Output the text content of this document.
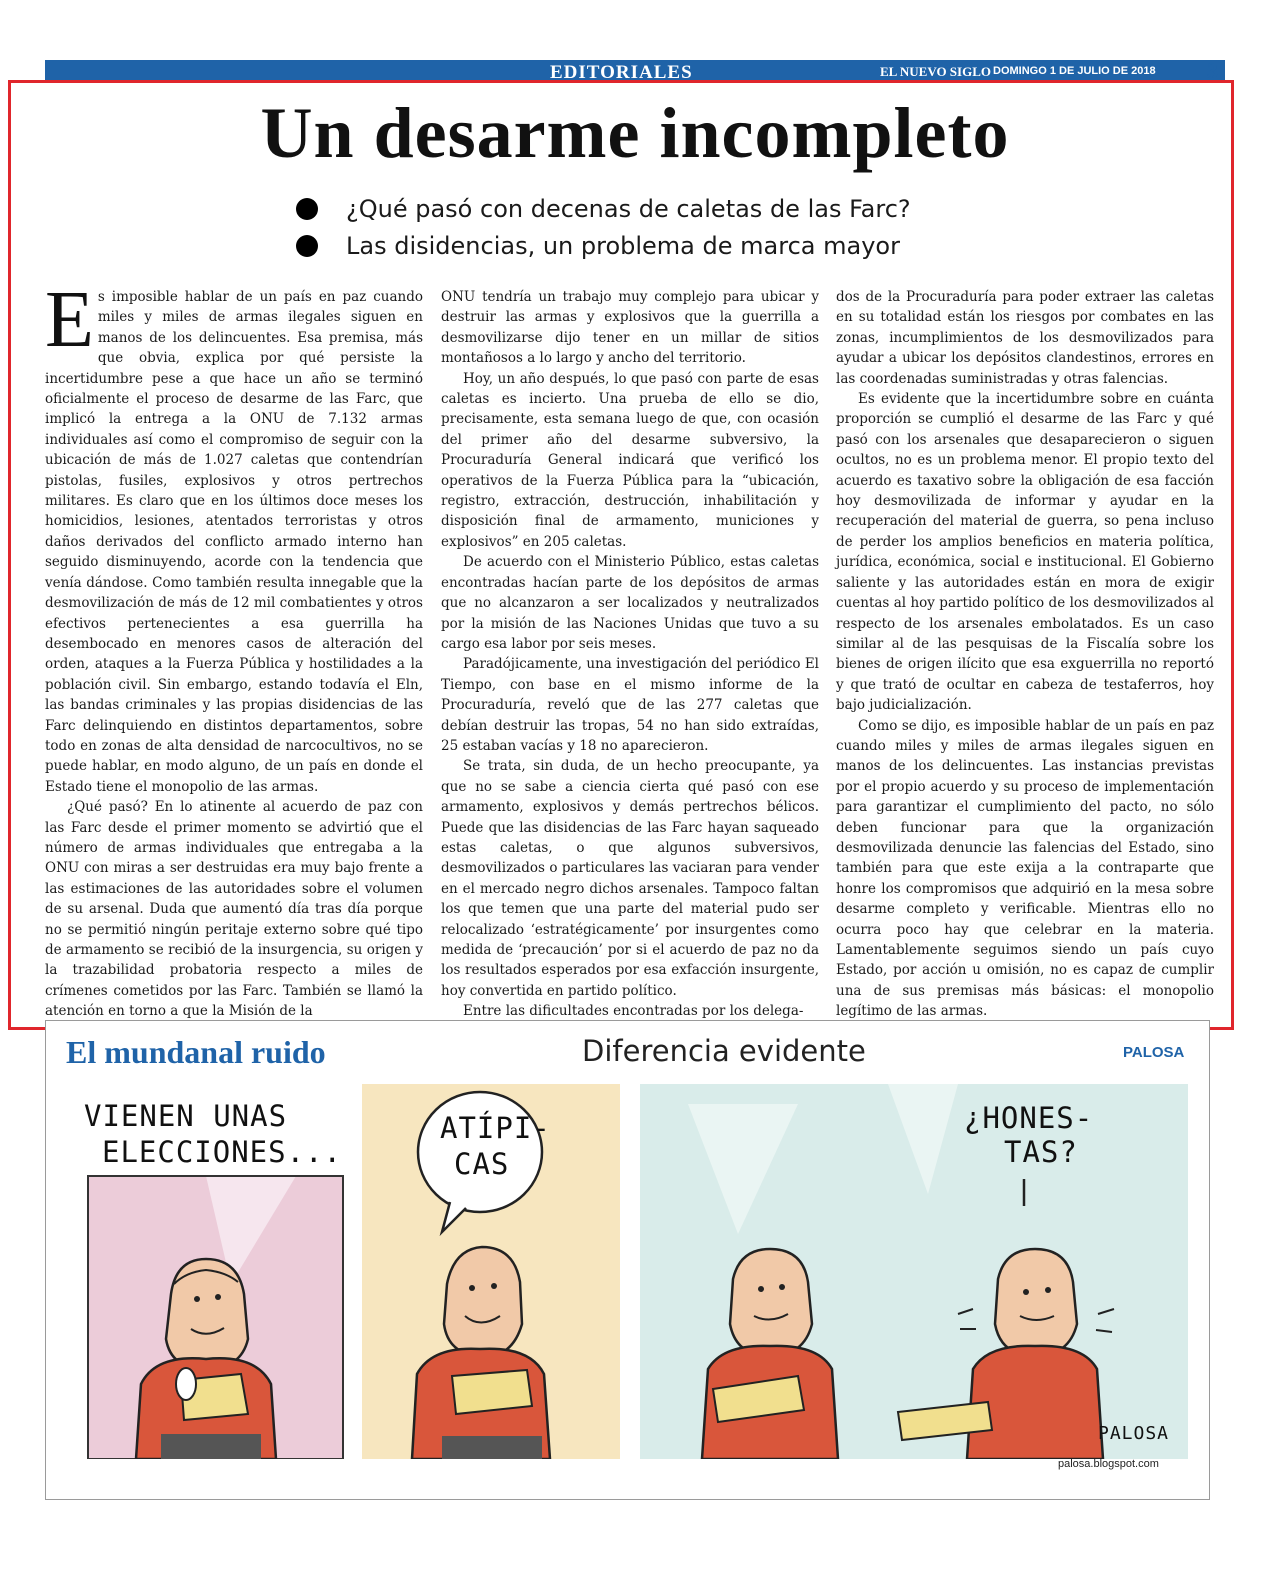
EDITORIALES	EL NUEVO SIGLO DOMINGO 1 DE JULIO DE 2018 3
Un desarme incompleto
¿Qué pasó con decenas de caletas de las Farc?
Las disidencias, un problema de marca mayor

Es imposible hablar de un país en paz cuando miles y miles de armas ilegales siguen en manos de los delincuentes. Esa premisa, más que obvia, explica por qué persiste la incertidumbre pese a que hace un año se terminó oficialmente el proceso de desarme de las Farc, que implicó la entrega a la ONU de 7.132 armas individuales así como el compromiso de seguir con la ubicación de más de 1.027 caletas que contendrían pistolas, fusiles, explosivos y otros pertrechos militares. Es claro que en los últimos doce meses los homicidios, lesiones, atentados terroristas y otros daños derivados del conflicto armado interno han seguido disminuyendo, acorde con la tendencia que venía dándose. Como también resulta innegable que la desmovilización de más de 12 mil combatientes y otros efectivos pertenecientes a esa guerrilla ha desembocado en menores casos de alteración del orden, ataques a la Fuerza Pública y hostilidades a la población civil. Sin embargo, estando todavía el Eln, las bandas criminales y las propias disidencias de las Farc delinquiendo en distintos departamentos, sobre todo en zonas de alta densidad de narcocultivos, no se puede hablar, en modo alguno, de un país en donde el Estado tiene el monopolio de las armas.

¿Qué pasó? En lo atinente al acuerdo de paz con las Farc desde el primer momento se advirtió que el número de armas individuales que entregaba a la ONU con miras a ser destruidas era muy bajo frente a las estimaciones de las autoridades sobre el volumen de su arsenal. Duda que aumentó día tras día porque no se permitió ningún peritaje externo sobre qué tipo de armamento se recibió de la insurgencia, su origen y la trazabilidad probatoria respecto a miles de crímenes cometidos por las Farc. También se llamó la atención en torno a que la Misión de la

ONU tendría un trabajo muy complejo para ubicar y destruir las armas y explosivos que la guerrilla a desmovilizarse dijo tener en un millar de sitios montañosos a lo largo y ancho del territorio.

Hoy, un año después, lo que pasó con parte de esas caletas es incierto. Una prueba de ello se dio, precisamente, esta semana luego de que, con ocasión del primer año del desarme subversivo, la Procuraduría General indicará que verificó los operativos de la Fuerza Pública para la “ubicación, registro, extracción, destrucción, inhabilitación y disposición final de armamento, municiones y explosivos” en 205 caletas.

De acuerdo con el Ministerio Público, estas caletas encontradas hacían parte de los depósitos de armas que no alcanzaron a ser localizados y neutralizados por la misión de las Naciones Unidas que tuvo a su cargo esa labor por seis meses.

Paradójicamente, una investigación del periódico El Tiempo, con base en el mismo informe de la Procuraduría, reveló que de las 277 caletas que debían destruir las tropas, 54 no han sido extraídas, 25 estaban vacías y 18 no aparecieron.

Se trata, sin duda, de un hecho preocupante, ya que no se sabe a ciencia cierta qué pasó con ese armamento, explosivos y demás pertrechos bélicos. Puede que las disidencias de las Farc hayan saqueado estas caletas, o que algunos subversivos, desmovilizados o particulares las vaciaran para vender en el mercado negro dichos arsenales. Tampoco faltan los que temen que una parte del material pudo ser relocalizado ‘estratégicamente’ por insurgentes como medida de ‘precaución’ por si el acuerdo de paz no da los resultados esperados por esa exfacción insurgente, hoy convertida en partido político.

Entre las dificultades encontradas por los delega-

dos de la Procuraduría para poder extraer las caletas en su totalidad están los riesgos por combates en las zonas, incumplimientos de los desmovilizados para ayudar a ubicar los depósitos clandestinos, errores en las coordenadas suministradas y otras falencias.

Es evidente que la incertidumbre sobre en cuánta proporción se cumplió el desarme de las Farc y qué pasó con los arsenales que desaparecieron o siguen ocultos, no es un problema menor. El propio texto del acuerdo es taxativo sobre la obligación de esa facción hoy desmovilizada de informar y ayudar en la recuperación del material de guerra, so pena incluso de perder los amplios beneficios en materia política, jurídica, económica, social e institucional. El Gobierno saliente y las autoridades están en mora de exigir cuentas al hoy partido político de los desmovilizados al respecto de los arsenales embolatados. Es un caso similar al de las pesquisas de la Fiscalía sobre los bienes de origen ilícito que esa exguerrilla no reportó y que trató de ocultar en cabeza de testaferros, hoy bajo judicialización.

Como se dijo, es imposible hablar de un país en paz cuando miles y miles de armas ilegales siguen en manos de los delincuentes. Las instancias previstas por el propio acuerdo y su proceso de implementación para garantizar el cumplimiento del pacto, no sólo deben funcionar para que la organización desmovilizada denuncie las falencias del Estado, sino también para que este exija a la contraparte que honre los compromisos que adquirió en la mesa sobre desarme completo y verificable. Mientras ello no ocurra poco hay que celebrar en la materia. Lamentablemente seguimos siendo un país cuyo Estado, por acción u omisión, no es capaz de cumplir una de sus premisas más básicas: el monopolio legítimo de las armas.

El mundanal ruido	Diferencia evidente	PALOSA
VIENEN UNAS
ELECCIONES...
ATÍPI-
CAS
¿HONES-
TAS?
PALOSA
palosa.blogspot.com
